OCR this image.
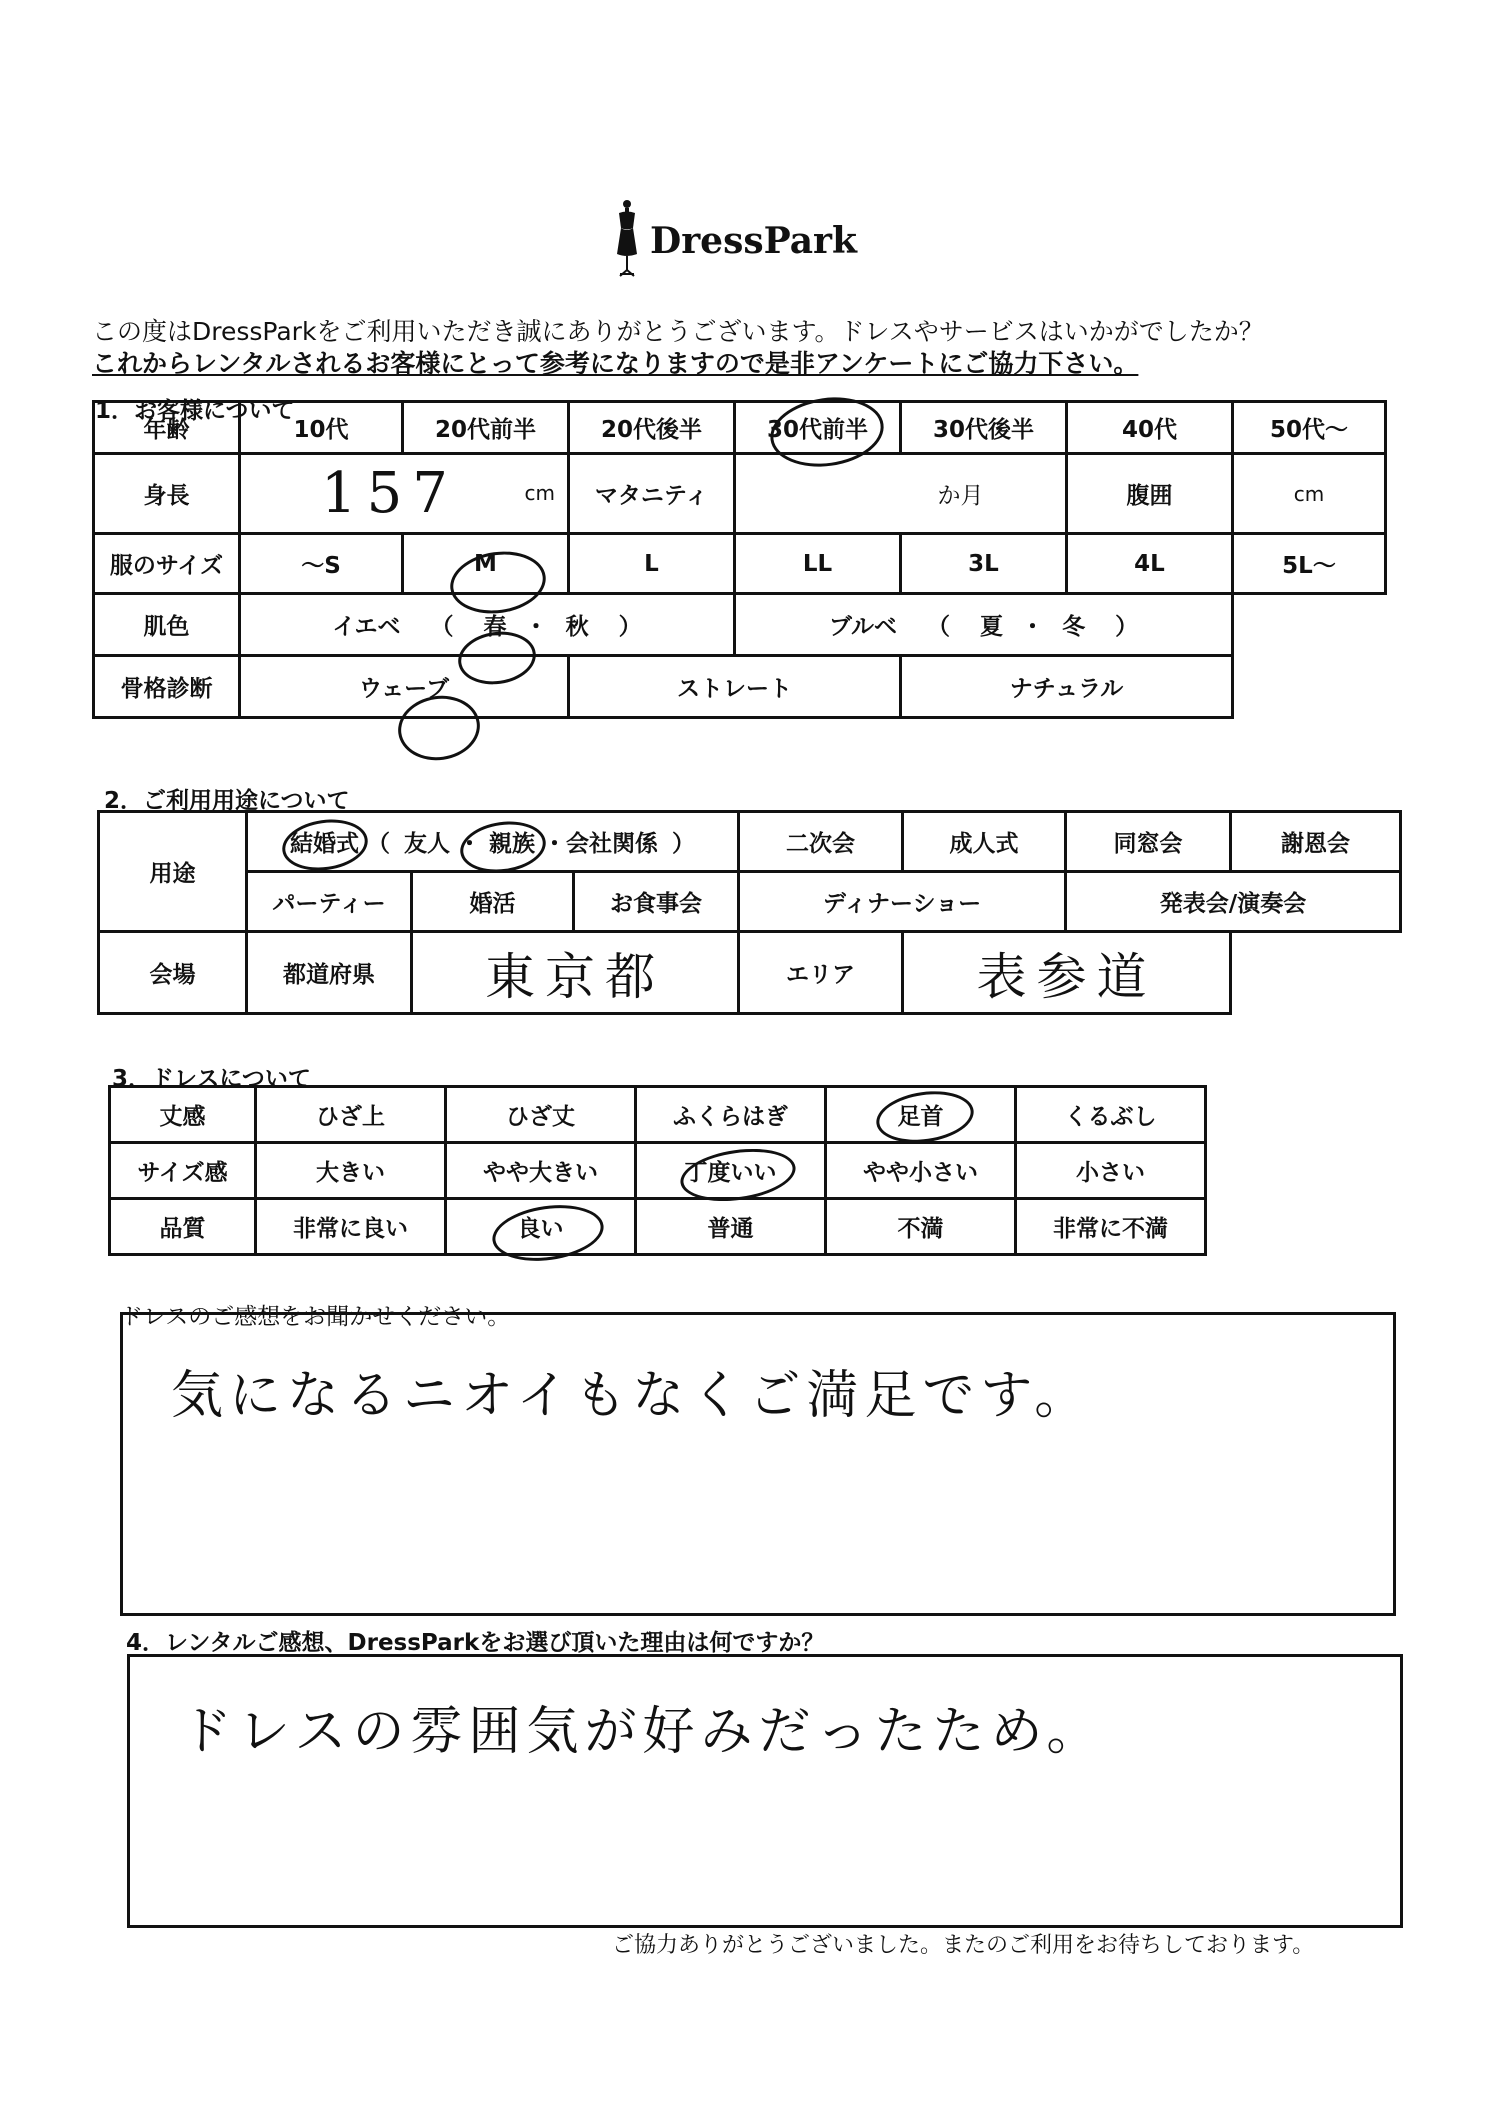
DressPark
この度はDressParkをご利用いただき誠にありがとうございます。ドレスやサービスはいかがでしたか？
これからレンタルされるお客様にとって参考になりますので是非アンケートにご協力下さい。
1．お客様について
年齢	10代	20代前半	20代後半	30代前半	30代後半	40代	50代～
身長	157 cm		マタニティ	か月		腹囲	cm
服のサイズ	～S	M	L	LL	3L	4L	5L～
肌色	イエベ （ 春 ・ 秋 ）			ブルベ （ 夏 ・ 冬 ）			
骨格診断	ウェーブ		ストレート		ナチュラル		
2．ご利用用途について
用途	結婚式 （ 友人 ・ 親族 ・会社関係 ）			二次会	成人式	同窓会	謝恩会
	パーティー	婚活	お食事会	ディナーショー		発表会/演奏会	
会場	都道府県	東京都		エリア	表参道		
3．ドレスについて
丈感	ひざ上	ひざ丈	ふくらはぎ	足首	くるぶし
サイズ感	大きい	やや大きい	丁度いい	やや小さい	小さい
品質	非常に良い	良い	普通	不満	非常に不満
ドレスのご感想をお聞かせください。
気になるニオイもなくご満足です。
4．レンタルご感想、DressParkをお選び頂いた理由は何ですか？
ドレスの雰囲気が好みだったため。
ご協力ありがとうございました。またのご利用をお待ちしております。
